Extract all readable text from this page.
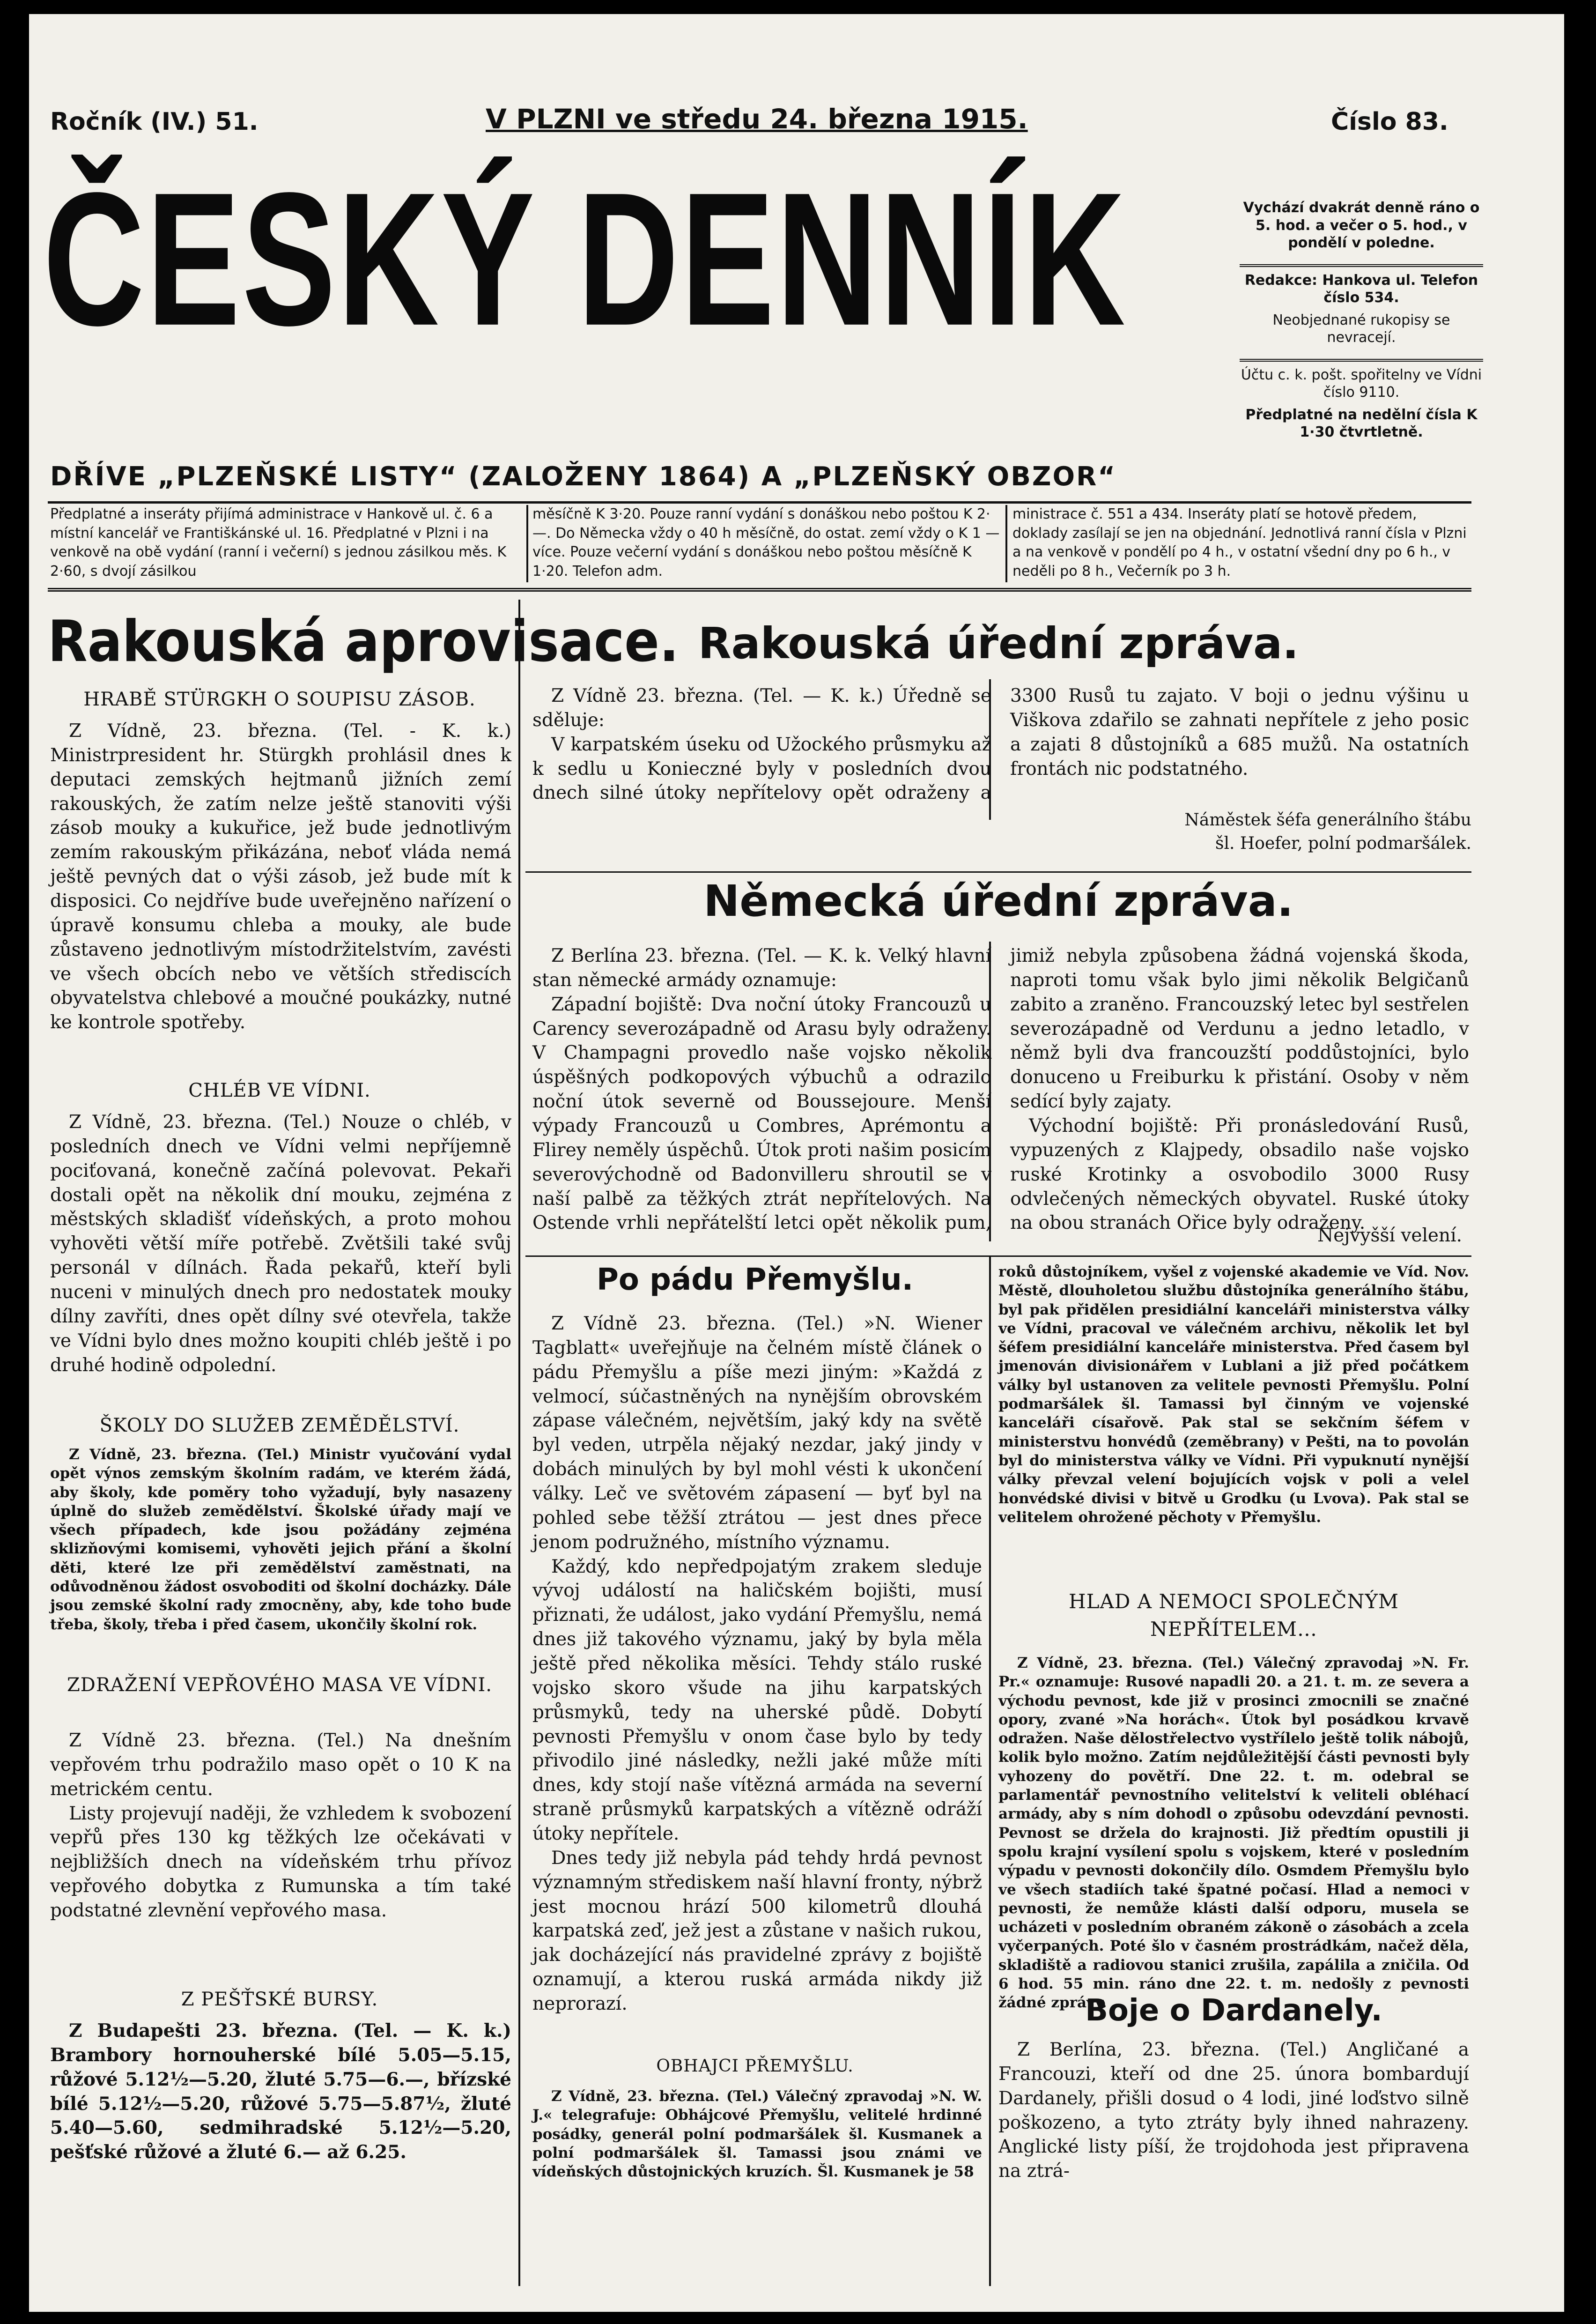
Ročník (IV.) 51.	V PLZNI ve středu 24. března 1915.	Číslo 83.
ČESKÝ DENNÍK	Vychází dvakrát denně ráno o 5. hod. a večer o 5. hod., v pondělí v poledne.
Redakce: Hankova ul. Telefon číslo 534.
Neobjednané rukopisy se nevracejí.
Účtu c. k. pošt. spořitelny ve Vídni číslo 9110.
Předplatné na nedělní čísla K 1·30 čtvrtletně.
DŘÍVE „PLZEŇSKÉ LISTY“ (ZALOŽENY 1864) A „PLZEŇSKÝ OBZOR“
Předplatné a inseráty přijímá administrace v Hankově ul. č. 6 a místní kancelář ve Františkánské ul. 16. Předplatné v Plzni i na venkově na obě vydání (ranní i večerní) s jednou zásilkou měs. K 2·60, s dvojí zásilkou
měsíčně K 3·20. Pouze ranní vydání s donáškou nebo poštou K 2·—. Do Německa vždy o 40 h měsíčně, do ostat. zemí vždy o K 1 — více. Pouze večerní vydání s donáškou nebo poštou měsíčně K 1·20. Telefon adm.
ministrace č. 551 a 434. Inseráty platí se hotově předem, doklady zasílají se jen na objednání. Jednotlivá ranní čísla v Plzni a na venkově v pondělí po 4 h., v ostatní všední dny po 6 h., v neděli po 8 h., Večerník po 3 h.
Rakouská aprovisace.
HRABĚ STÜRGKH O SOUPISU ZÁSOB.

Z Vídně, 23. března. (Tel. - K. k.) Ministrpresident hr. Stürgkh prohlásil dnes k deputaci zemských hejtmanů jižních zemí rakouských, že zatím nelze ještě stanoviti výši zásob mouky a kukuřice, jež bude jednotlivým zemím rakouským přikázána, neboť vláda nemá ještě pevných dat o výši zásob, jež bude mít k disposici. Co nejdříve bude uveřejněno nařízení o úpravě konsumu chleba a mouky, ale bude zůstaveno jednotlivým místodržitelstvím, zavésti ve všech obcích nebo ve větších střediscích obyvatelstva chlebové a moučné poukázky, nutné ke kontrole spotřeby.

CHLÉB VE VÍDNI.

Z Vídně, 23. března. (Tel.) Nouze o chléb, v posledních dnech ve Vídni velmi nepříjemně pociťovaná, konečně začíná polevovat. Pekaři dostali opět na několik dní mouku, zejména z městských skladišť vídeňských, a proto mohou vyhověti větší míře potřebě. Zvětšili také svůj personál v dílnách. Řada pekařů, kteří byli nuceni v minulých dnech pro nedostatek mouky dílny zavříti, dnes opět dílny své otevřela, takže ve Vídni bylo dnes možno koupiti chléb ještě i po druhé hodině odpolední.

ŠKOLY DO SLUŽEB ZEMĚDĚLSTVÍ.

Z Vídně, 23. března. (Tel.) Ministr vyučování vydal opět výnos zemským školním radám, ve kterém žádá, aby školy, kde poměry toho vyžadují, byly nasazeny úplně do služeb zemědělství. Školské úřady mají ve všech případech, kde jsou požádány zejména sklizňovými komisemi, vyhověti jejich přání a školní děti, které lze při zemědělství zaměstnati, na odůvodněnou žádost osvoboditi od školní docházky. Dále jsou zemské školní rady zmocněny, aby, kde toho bude třeba, školy, třeba i před časem, ukončily školní rok.

ZDRAŽENÍ VEPŘOVÉHO MASA VE VÍDNI.

Z Vídně 23. března. (Tel.) Na dnešním vepřovém trhu podražilo maso opět o 10 K na metrickém centu.

Listy projevují naději, že vzhledem k svobození vepřů přes 130 kg těžkých lze očekávati v nejbližších dnech na vídeňském trhu přívoz vepřového dobytka z Rumunska a tím také podstatné zlevnění vepřového masa.

Z PEŠŤSKÉ BURSY.

Z Budapešti 23. března. (Tel. — K. k.) Brambory hornouherské bílé 5.05—5.15, růžové 5.12½—5.20, žluté 5.75—6.—, břízské bílé 5.12½—5.20, růžové 5.75—5.87½, žluté 5.40—5.60, sedmihradské 5.12½—5.20, pešťské růžové a žluté 6.— až 6.25.

Rakouská úřední zpráva.

Z Vídně 23. března. (Tel. — K. k.) Úředně se sděluje:

V karpatském úseku od Užockého průsmyku až k sedlu u Konieczné byly v posledních dvou dnech silné útoky nepřítelovy opět odraženy a 3300 Rusů tu zajato. V boji o jednu výšinu u Viškova zdařilo se zahnati nepřítele z jeho posic a zajati 8 důstojníků a 685 mužů. Na ostatních frontách nic podstatného.

Náměstek šéfa generálního štábu
šl. Hoefer, polní podmaršálek.
Německá úřední zpráva.

Z Berlína 23. března. (Tel. — K. k. Velký hlavní stan německé armády oznamuje:

Západní bojiště: Dva noční útoky Francouzů u Carency severozápadně od Arasu byly odraženy. V Champagni provedlo naše vojsko několik úspěšných podkopových výbuchů a odrazilo noční útok severně od Boussejoure. Menší výpady Francouzů u Combres, Aprémontu a Flirey neměly úspěchů. Útok proti našim posicím severovýchodně od Badonvilleru shroutil se v naší palbě za těžkých ztrát nepřítelových. Na Ostende vrhli nepřátelští letci opět několik pum, jimiž nebyla způsobena žádná vojenská škoda, naproti tomu však bylo jimi několik Belgičanů zabito a zraněno. Francouzský letec byl sestřelen severozápadně od Verdunu a jedno letadlo, v němž byli dva francouzští poddůstojníci, bylo donuceno u Freiburku k přistání. Osoby v něm sedící byly zajaty.

Východní bojiště: Při pronásledování Rusů, vypuzených z Klajpedy, obsadilo naše vojsko ruské Krotinky a osvobodilo 3000 Rusy odvlečených německých obyvatel. Ruské útoky na obou stranách Ořice byly odraženy.

Nejvyšší velení.
Po pádu Přemyšlu.

Z Vídně 23. března. (Tel.) »N. Wiener Tagblatt« uveřejňuje na čelném místě článek o pádu Přemyšlu a píše mezi jiným: »Každá z velmocí, súčastněných na nynějším obrovském zápase válečném, největším, jaký kdy na světě byl veden, utrpěla nějaký nezdar, jaký jindy v dobách minulých by byl mohl vésti k ukončení války. Leč ve světovém zápasení — byť byl na pohled sebe těžší ztrátou — jest dnes přece jenom podružného, místního významu.

Každý, kdo nepředpojatým zrakem sleduje vývoj událostí na haličském bojišti, musí přiznati, že událost, jako vydání Přemyšlu, nemá dnes již takového významu, jaký by byla měla ještě před několika měsíci. Tehdy stálo ruské vojsko skoro všude na jihu karpatských průsmyků, tedy na uherské půdě. Dobytí pevnosti Přemyšlu v onom čase bylo by tedy přivodilo jiné následky, nežli jaké může míti dnes, kdy stojí naše vítězná armáda na severní straně průsmyků karpatských a vítězně odráží útoky nepřítele.

Dnes tedy již nebyla pád tehdy hrdá pevnost významným střediskem naší hlavní fronty, nýbrž jest mocnou hrází 500 kilometrů dlouhá karpatská zeď, jež jest a zůstane v našich rukou, jak docházející nás pravidelné zprávy z bojiště oznamují, a kterou ruská armáda nikdy již neprorazí.

OBHAJCI PŘEMYŠLU.

Z Vídně, 23. března. (Tel.) Válečný zpravodaj »N. W. J.« telegrafuje: Obhájcové Přemyšlu, velitelé hrdinné posádky, generál polní podmaršálek šl. Kusmanek a polní podmaršálek šl. Tamassi jsou známi ve vídeňských důstojnických kruzích. Šl. Kusmanek je 58

roků důstojníkem, vyšel z vojenské akademie ve Víd. Nov. Městě, dlouholetou službu důstojníka generálního štábu, byl pak přidělen presidiální kanceláři ministerstva války ve Vídni, pracoval ve válečném archivu, několik let byl šéfem presidiální kanceláře ministerstva. Před časem byl jmenován divisionářem v Lublani a již před počátkem války byl ustanoven za velitele pevnosti Přemyšlu. Polní podmaršálek šl. Tamassi byl činným ve vojenské kanceláři císařově. Pak stal se sekčním šéfem v ministerstvu honvédů (zeměbrany) v Pešti, na to povolán byl do ministerstva války ve Vídni. Při vypuknutí nynější války převzal velení bojujících vojsk v poli a velel honvédské divisi v bitvě u Grodku (u Lvova). Pak stal se velitelem ohrožené pěchoty v Přemyšlu.

HLAD A NEMOCI SPOLEČNÝM NEPŘÍTELEM…

Z Vídně, 23. března. (Tel.) Válečný zpravodaj »N. Fr. Pr.« oznamuje: Rusové napadli 20. a 21. t. m. ze severa a východu pevnost, kde již v prosinci zmocnili se značné opory, zvané »Na horách«. Útok byl posádkou krvavě odražen. Naše dělostřelectvo vystřílelo ještě tolik nábojů, kolik bylo možno. Zatím nejdůležitější části pevnosti byly vyhozeny do povětří. Dne 22. t. m. odebral se parlamentář pevnostního velitelství k veliteli obléhací armády, aby s ním dohodl o způsobu odevzdání pevnosti. Pevnost se držela do krajnosti. Již předtím opustili ji spolu krajní vysílení spolu s vojskem, které v posledním výpadu v pevnosti dokončily dílo. Osmdem Přemyšlu bylo ve všech stadiích také špatné počasí. Hlad a nemoci v pevnosti, že nemůže klásti další odporu, musela se ucházeti v posledním obraném zákoně o zásobách a zcela vyčerpaných. Poté šlo v časném prostrádkám, načež děla, skladiště a radiovou stanici zrušila, zapálila a zničila. Od 6 hod. 55 min. ráno dne 22. t. m. nedošly z pevnosti žádné zprávy.

Boje o Dardanely.

Z Berlína, 23. března. (Tel.) Angličané a Francouzi, kteří od dne 25. února bombardují Dardanely, přišli dosud o 4 lodi, jiné loďstvo silně poškozeno, a tyto ztráty byly ihned nahrazeny. Anglické listy píší, že trojdohoda jest připravena na ztrá-
